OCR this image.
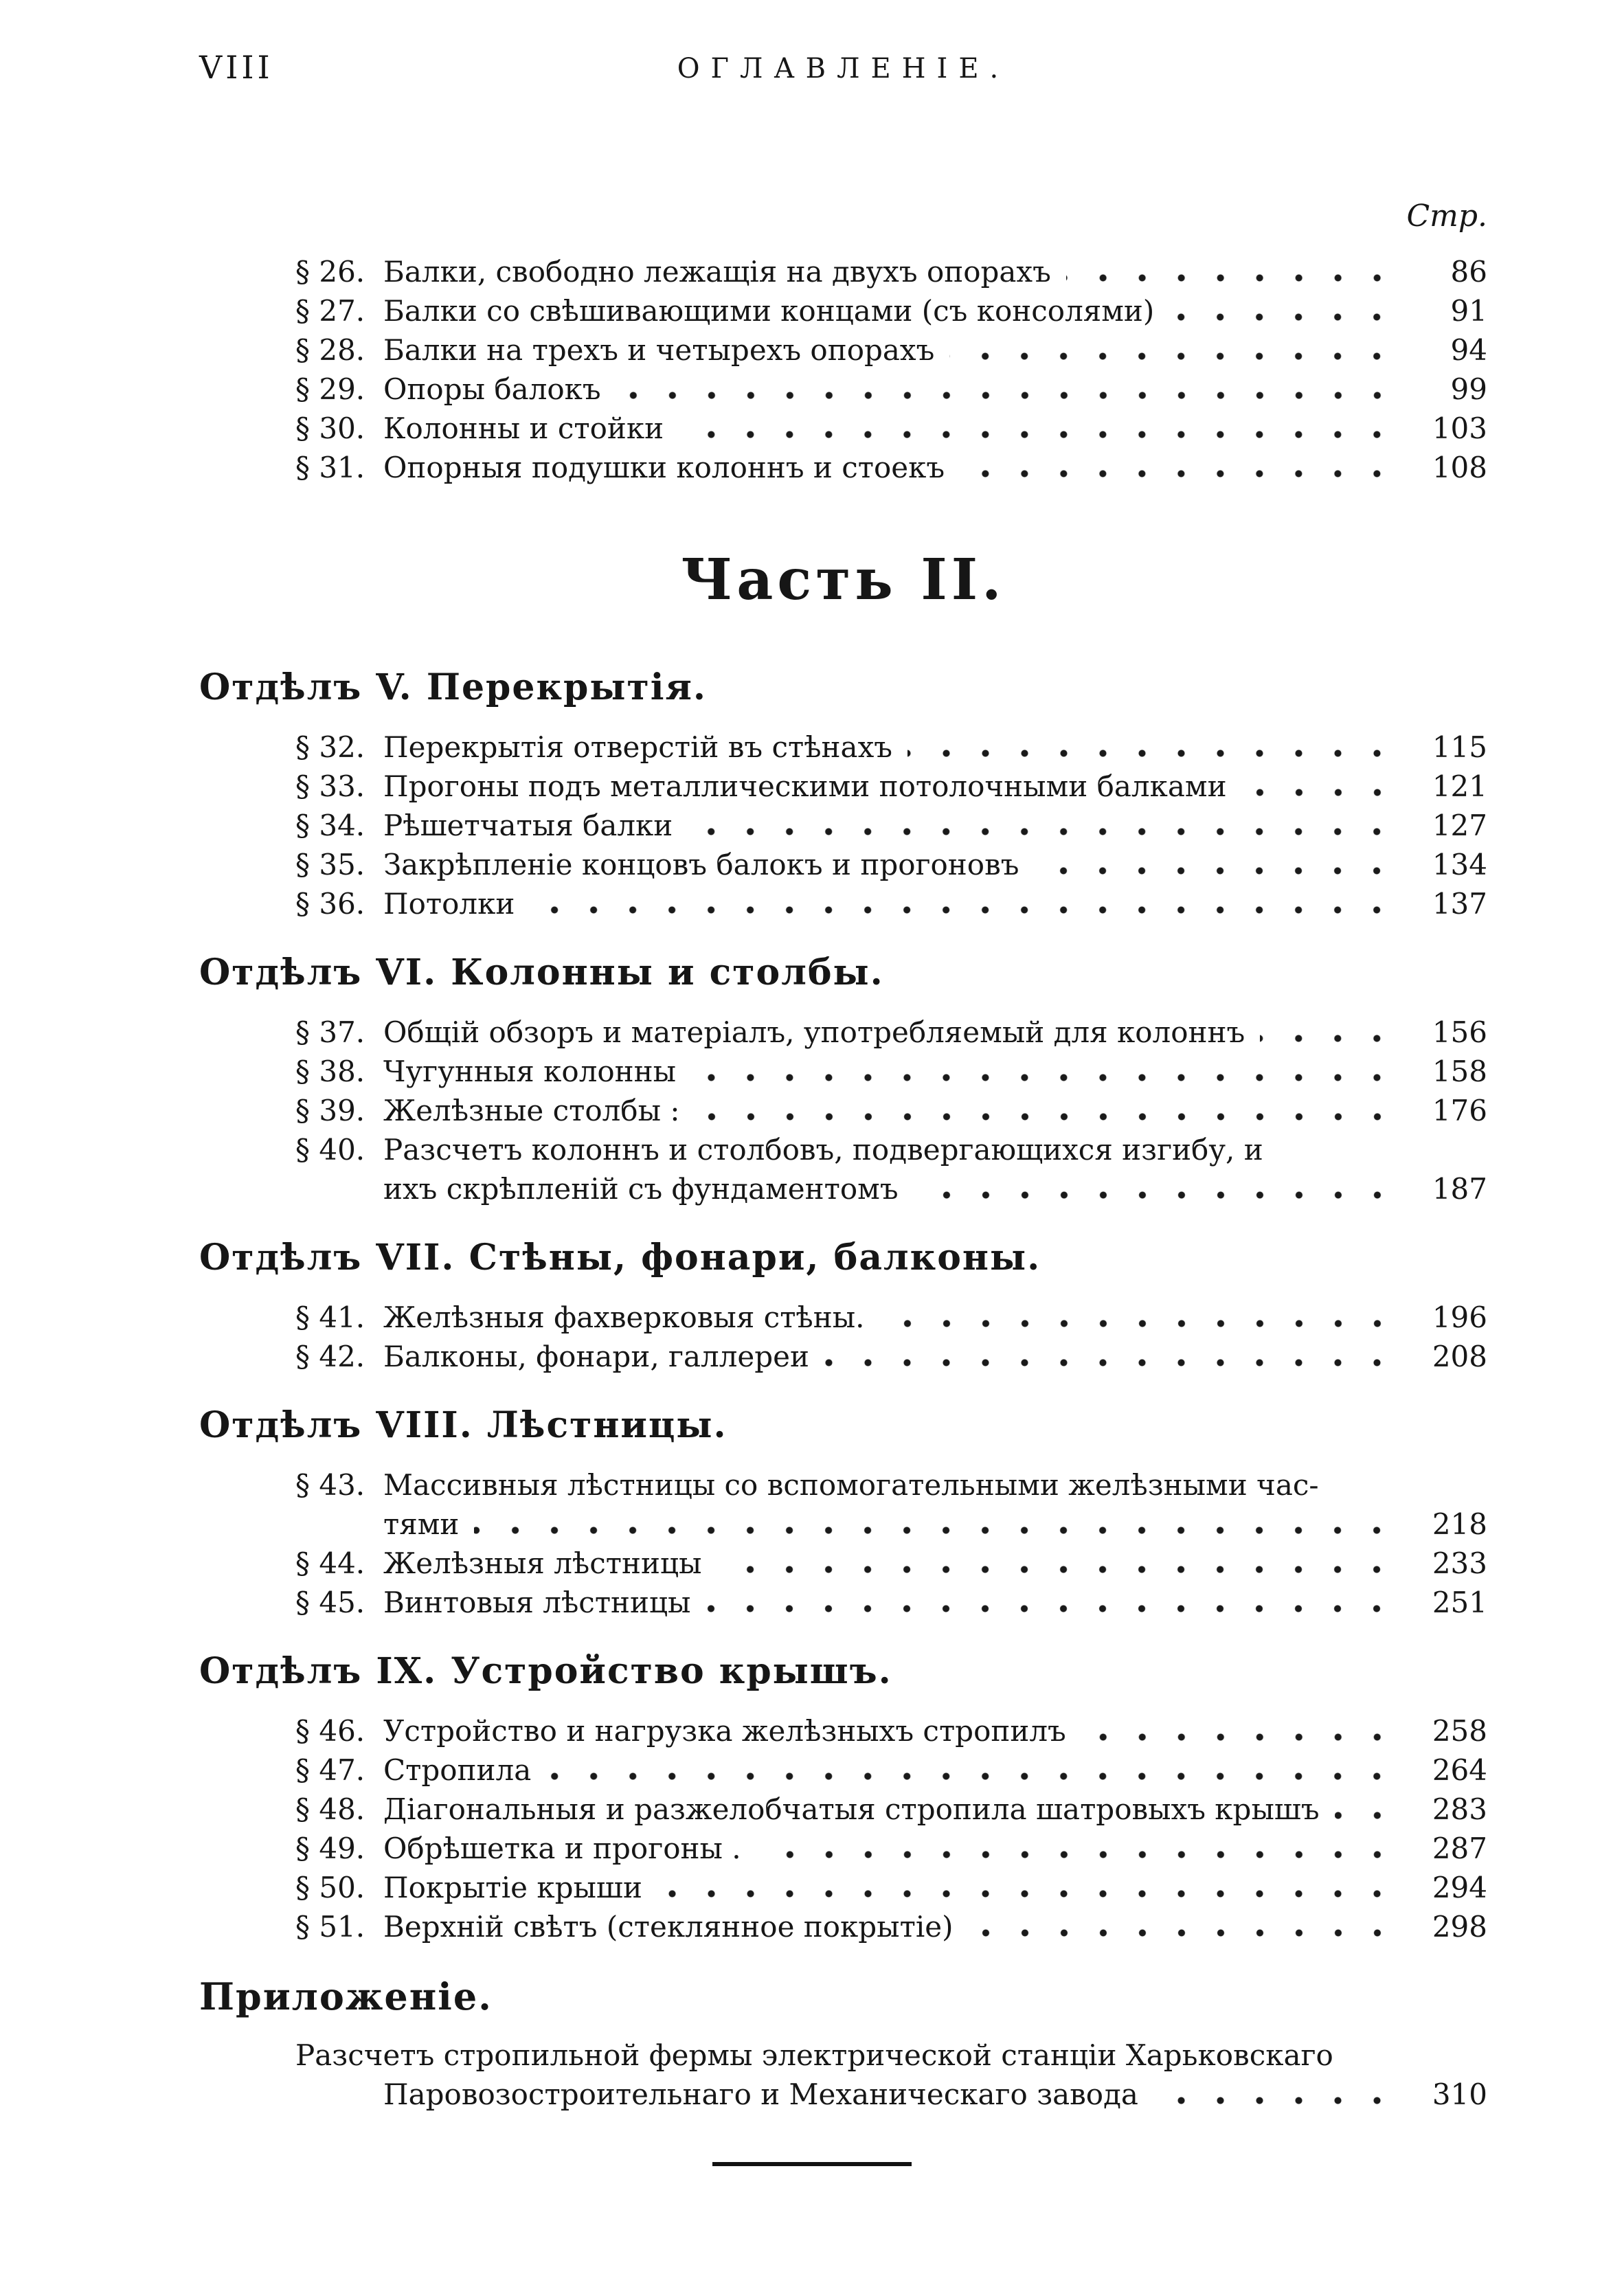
VIII	ОГЛАВЛЕНІЕ.
Стр.
§ 26. Балки, свободно лежащія на двухъ опорахъ	86
§ 27. Балки со свѣшивающими концами (съ консолями)	91
§ 28. Балки на трехъ и четырехъ опорахъ	94
§ 29. Опоры балокъ	99
§ 30. Колонны и стойки	103
§ 31. Опорныя подушки колоннъ и стоекъ	108
Часть II.
Отдѣлъ V. Перекрытія.
§ 32. Перекрытія отверстій въ стѣнахъ	115
§ 33. Прогоны подъ металлическими потолочными балками	121
§ 34. Рѣшетчатыя балки	127
§ 35. Закрѣпленіе концовъ балокъ и прогоновъ	134
§ 36. Потолки	137
Отдѣлъ VI. Колонны и столбы.
§ 37. Общій обзоръ и матеріалъ, употребляемый для колоннъ	156
§ 38. Чугунныя колонны	158
§ 39. Желѣзные столбы :	176
§ 40. Разсчетъ колоннъ и столбовъ, подвергающихся изгибу, и
ихъ скрѣпленій съ фундаментомъ	187
Отдѣлъ VII. Стѣны, фонари, балконы.
§ 41. Желѣзныя фахверковыя стѣны.	196
§ 42. Балконы, фонари, галлереи	208
Отдѣлъ VIII. Лѣстницы.
§ 43. Массивныя лѣстницы со вспомогательными желѣзными час-
тями	218
§ 44. Желѣзныя лѣстницы	233
§ 45. Винтовыя лѣстницы	251
Отдѣлъ IX. Устройство крышъ.
§ 46. Устройство и нагрузка желѣзныхъ стропилъ	258
§ 47. Стропила	264
§ 48. Діагональныя и разжелобчатыя стропила шатровыхъ крышъ	283
§ 49. Обрѣшетка и прогоны .	287
§ 50. Покрытіе крыши	294
§ 51. Верхній свѣтъ (стеклянное покрытіе)	298
Приложеніе.
Разсчетъ стропильной фермы электрической станціи Харьковскаго
Паровозостроительнаго и Механическаго завода	310
